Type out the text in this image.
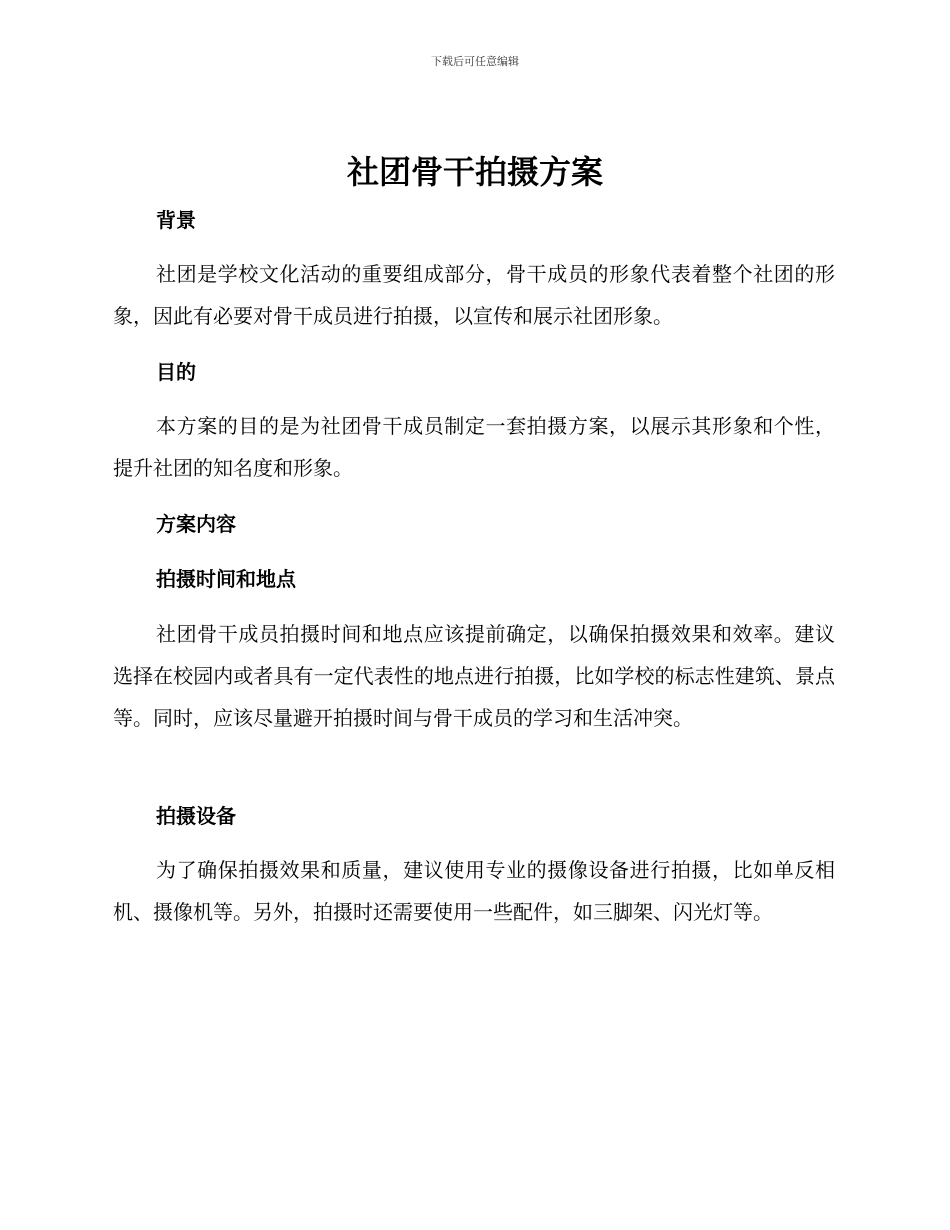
下载后可任意编辑
社团骨干拍摄方案
背景

社团是学校文化活动的重要组成部分，骨干成员的形象代表着整个社团的形象，因此有必要对骨干成员进行拍摄，以宣传和展示社团形象。

目的

本方案的目的是为社团骨干成员制定一套拍摄方案，以展示其形象和个性，提升社团的知名度和形象。

方案内容
拍摄时间和地点

社团骨干成员拍摄时间和地点应该提前确定，以确保拍摄效果和效率。建议选择在校园内或者具有一定代表性的地点进行拍摄，比如学校的标志性建筑、景点等。同时，应该尽量避开拍摄时间与骨干成员的学习和生活冲突。

拍摄设备

为了确保拍摄效果和质量，建议使用专业的摄像设备进行拍摄，比如单反相机、摄像机等。另外，拍摄时还需要使用一些配件，如三脚架、闪光灯等。
